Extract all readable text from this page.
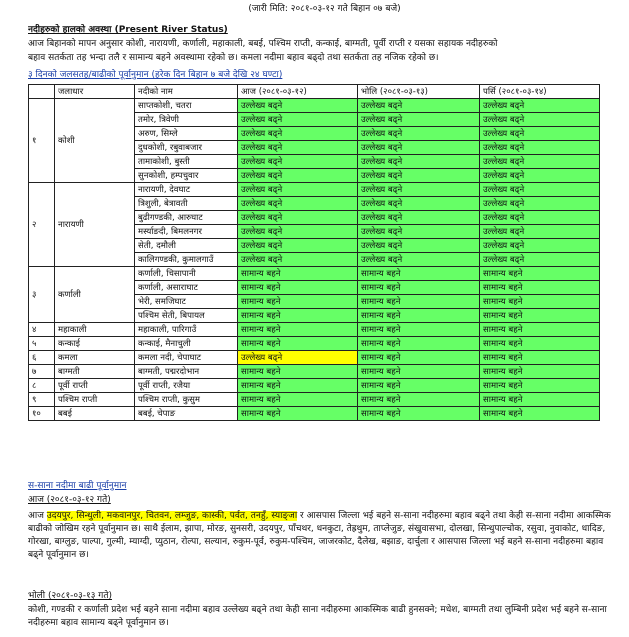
(जारी मिति: २०८१-०३-१२ गते बिहान ०७ बजे)
नदीहरुको हालको अवस्था (Present River Status)
आज बिहानको मापन अनुसार कोशी, नारायणी, कर्णाली, महाकाली, बबई, पश्चिम राप्ती, कन्काई, बाग्मती, पूर्वी राप्ती र यसका सहायक नदीहरुको
बहाव सतर्कता तह भन्दा तलै र सामान्य बहने अवस्थामा रहेको छ। कमला नदीमा बहाव बढ्दो तथा सतर्कता तह नजिक रहेको छ।
३ दिनको जलसतह/बाढीको पूर्वानुमान (हरेक दिन बिहान ७ बजे देखि २४ घण्टा)
	जलाधार	नदीको नाम	आज (२०८१-०३-१२)	भोलि (२०८१-०३-१३)	पर्सि (२०८१-०३-१४)
१	कोशी	साप्तकोशी, चतरा	उल्लेख्य बढ्ने	उल्लेख्य बढ्ने	उल्लेख्य बढ्ने
		तमोर, त्रिवेणी	उल्लेख्य बढ्ने	उल्लेख्य बढ्ने	उल्लेख्य बढ्ने
		अरुण, सिम्ले	उल्लेख्य बढ्ने	उल्लेख्य बढ्ने	उल्लेख्य बढ्ने
		दुधकोशी, रबुवाबजार	उल्लेख्य बढ्ने	उल्लेख्य बढ्ने	उल्लेख्य बढ्ने
		तामाकोशी, बुस्ती	उल्लेख्य बढ्ने	उल्लेख्य बढ्ने	उल्लेख्य बढ्ने
		सुनकोशी, हम्पचुवार	उल्लेख्य बढ्ने	उल्लेख्य बढ्ने	उल्लेख्य बढ्ने
२	नारायणी	नारायणी, देवघाट	उल्लेख्य बढ्ने	उल्लेख्य बढ्ने	उल्लेख्य बढ्ने
		त्रिशुली, बेत्रावती	उल्लेख्य बढ्ने	उल्लेख्य बढ्ने	उल्लेख्य बढ्ने
		बुढीगण्डकी, आरुघाट	उल्लेख्य बढ्ने	उल्लेख्य बढ्ने	उल्लेख्य बढ्ने
		मर्स्याङदी, बिमलनगर	उल्लेख्य बढ्ने	उल्लेख्य बढ्ने	उल्लेख्य बढ्ने
		सेती, दमौली	उल्लेख्य बढ्ने	उल्लेख्य बढ्ने	उल्लेख्य बढ्ने
		कालिगण्डकी, कुमालगाउँ	उल्लेख्य बढ्ने	उल्लेख्य बढ्ने	उल्लेख्य बढ्ने
३	कर्णाली	कर्णाली, चिसापानी	सामान्य बहने	सामान्य बहने	सामान्य बहने
		कर्णाली, असाराघाट	सामान्य बहने	सामान्य बहने	सामान्य बहने
		भेरी, समजिघाट	सामान्य बहने	सामान्य बहने	सामान्य बहने
		पश्चिम सेती, बिपायल	सामान्य बहने	सामान्य बहने	सामान्य बहने
४	महाकाली	महाकाली, पारिगाउँ	सामान्य बहने	सामान्य बहने	सामान्य बहने
५	कन्काई	कन्काई, मैनाचुली	सामान्य बहने	सामान्य बहने	सामान्य बहने
६	कमला	कमला नदी, चेपाघाट	उल्लेख्य बढ्ने	सामान्य बहने	सामान्य बहने
७	बाग्मती	बाग्मती, पद्मरदोभान	सामान्य बहने	सामान्य बहने	सामान्य बहने
८	पूर्वी राप्ती	पूर्वी राप्ती, रजैया	सामान्य बहने	सामान्य बहने	सामान्य बहने
९	पश्चिम राप्ती	पश्चिम राप्ती, कुसुम	सामान्य बहने	सामान्य बहने	सामान्य बहने
१०	बबई	बबई, चेपाङ	सामान्य बहने	सामान्य बहने	सामान्य बहने
स-साना नदीमा बाढी पूर्वानुमान
आज (२०८१-०३-१२ गते)
आज उदयपुर, सिन्धुली, मकवानपुर, चितवन, लम्जुङ, कास्की, पर्वत, तनहुँ, स्याङ्जा र आसपास जिल्ला भई बहने स-साना नदीहरुमा बहाव बढ्ने तथा केही स-साना नदीमा आकस्मिक बाढीको जोखिम रहने पूर्वानुमान छ। साथै ईलाम, झापा, मोरङ, सुनसरी, उदयपुर, पाँचथर, धनकुटा, तेह्रथुम, ताप्लेजुङ, संखुवासभा, दोलखा, सिन्धुपाल्चोक, रसुवा, नुवाकोट, धादिङ, गोरखा, बाग्लुङ, पाल्पा, गुल्मी, म्याग्दी, प्युठान, रोल्पा, सल्यान, रुकुम-पूर्व, रुकुम-पश्चिम, जाजरकोट, दैलेख, बझाङ, दार्चुला र आसपास जिल्ला भई बहने स-साना नदीहरुमा बहाव बढ्ने पूर्वानुमान छ।
भोली (२०८१-०३-१३ गते)
कोशी, गण्डकी र कर्णाली प्रदेश भई बहने साना नदीमा बहाव उल्लेख्य बढ्ने तथा केही साना नदीहरुमा आकस्मिक बाढी हुनसक्ने; मधेश, बाग्मती तथा लुम्बिनी प्रदेश भई बहने स-साना नदीहरुमा बहाव सामान्य बढ्ने पूर्वानुमान छ।
